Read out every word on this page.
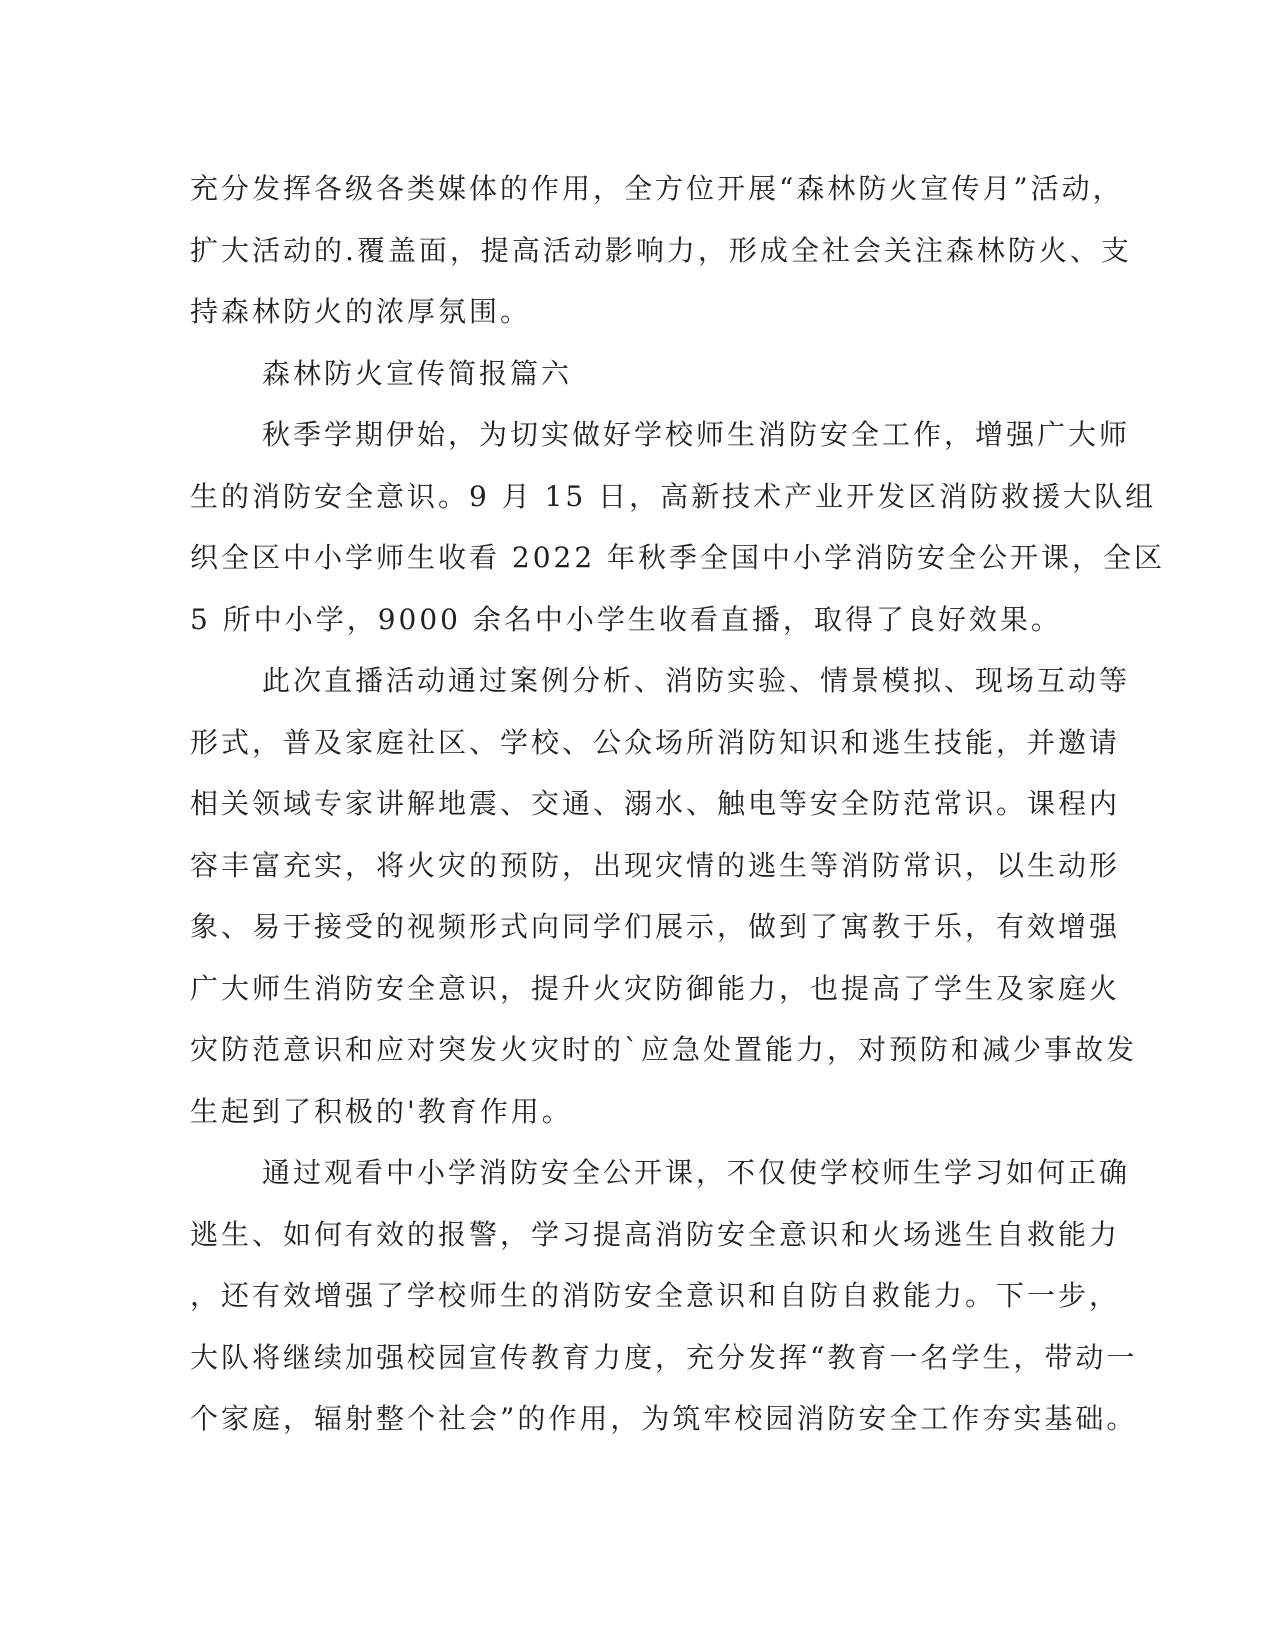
充分发挥各级各类媒体的作用，全方位开展“森林防火宣传月”活动，
扩大活动的.覆盖面，提高活动影响力，形成全社会关注森林防火、支
持森林防火的浓厚氛围。
森林防火宣传简报篇六
秋季学期伊始，为切实做好学校师生消防安全工作，增强广大师
生的消防安全意识。9 月 15 日，高新技术产业开发区消防救援大队组
织全区中小学师生收看 2022 年秋季全国中小学消防安全公开课，全区
5 所中小学，9000 余名中小学生收看直播，取得了良好效果。
此次直播活动通过案例分析、消防实验、情景模拟、现场互动等
形式，普及家庭社区、学校、公众场所消防知识和逃生技能，并邀请
相关领域专家讲解地震、交通、溺水、触电等安全防范常识。课程内
容丰富充实，将火灾的预防，出现灾情的逃生等消防常识，以生动形
象、易于接受的视频形式向同学们展示，做到了寓教于乐，有效增强
广大师生消防安全意识，提升火灾防御能力，也提高了学生及家庭火
灾防范意识和应对突发火灾时的`应急处置能力，对预防和减少事故发
生起到了积极的'教育作用。
通过观看中小学消防安全公开课，不仅使学校师生学习如何正确
逃生、如何有效的报警，学习提高消防安全意识和火场逃生自救能力
，还有效增强了学校师生的消防安全意识和自防自救能力。下一步，
大队将继续加强校园宣传教育力度，充分发挥“教育一名学生，带动一
个家庭，辐射整个社会”的作用，为筑牢校园消防安全工作夯实基础。
